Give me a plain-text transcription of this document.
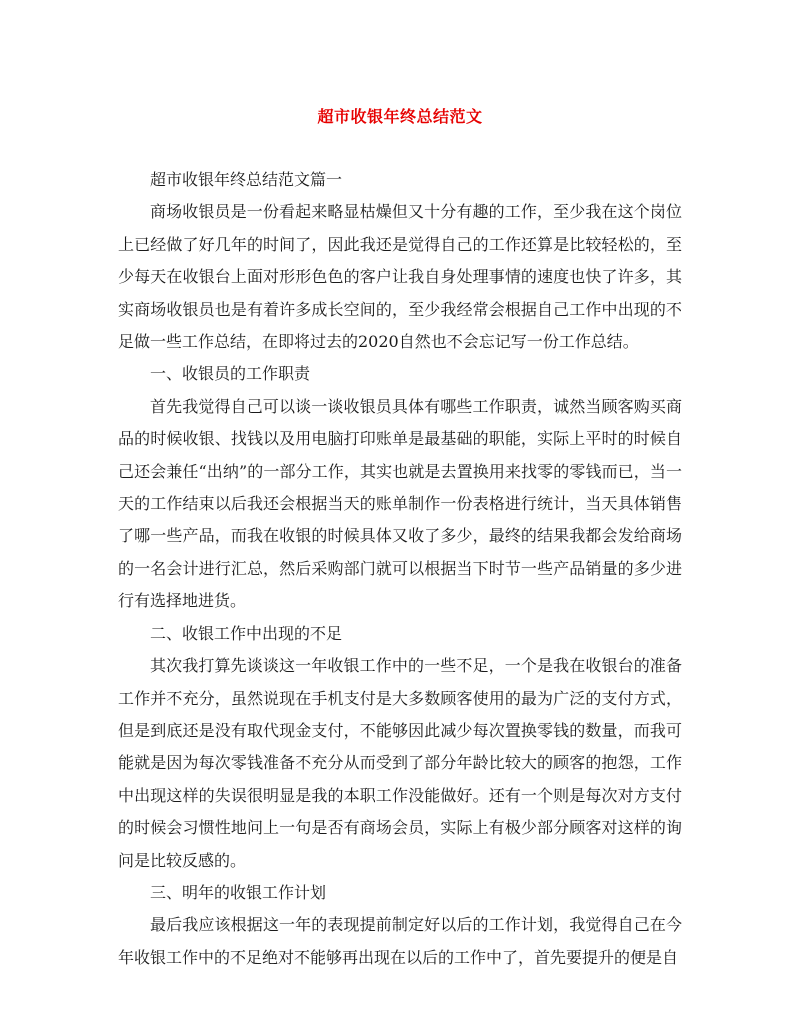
超市收银年终总结范文

超市收银年终总结范文篇一

商场收银员是一份看起来略显枯燥但又十分有趣的工作，至少我在这个岗位上已经做了好几年的时间了，因此我还是觉得自己的工作还算是比较轻松的，至少每天在收银台上面对形形色色的客户让我自身处理事情的速度也快了许多，其实商场收银员也是有着许多成长空间的，至少我经常会根据自己工作中出现的不足做一些工作总结，在即将过去的2020自然也不会忘记写一份工作总结。

一、收银员的工作职责

首先我觉得自己可以谈一谈收银员具体有哪些工作职责，诚然当顾客购买商品的时候收银、找钱以及用电脑打印账单是最基础的职能，实际上平时的时候自己还会兼任“出纳”的一部分工作，其实也就是去置换用来找零的零钱而已，当一天的工作结束以后我还会根据当天的账单制作一份表格进行统计，当天具体销售了哪一些产品，而我在收银的时候具体又收了多少，最终的结果我都会发给商场的一名会计进行汇总，然后采购部门就可以根据当下时节一些产品销量的多少进行有选择地进货。

二、收银工作中出现的不足

其次我打算先谈谈这一年收银工作中的一些不足，一个是我在收银台的准备工作并不充分，虽然说现在手机支付是大多数顾客使用的最为广泛的支付方式，但是到底还是没有取代现金支付，不能够因此减少每次置换零钱的数量，而我可能就是因为每次零钱准备不充分从而受到了部分年龄比较大的顾客的抱怨，工作中出现这样的失误很明显是我的本职工作没能做好。还有一个则是每次对方支付的时候会习惯性地问上一句是否有商场会员，实际上有极少部分顾客对这样的询问是比较反感的。

三、明年的收银工作计划

最后我应该根据这一年的表现提前制定好以后的工作计划，我觉得自己在今年收银工作中的不足绝对不能够再出现在以后的工作中了，首先要提升的便是自
